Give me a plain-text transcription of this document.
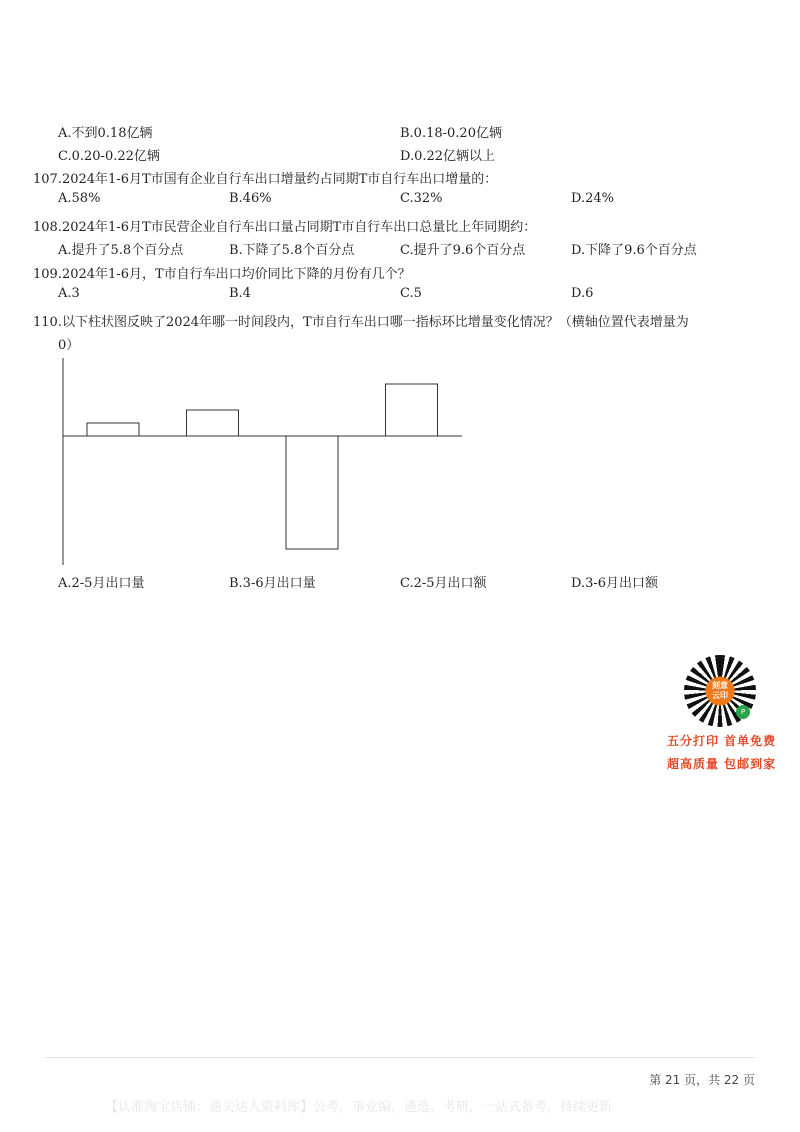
A.不到0.18亿辆	B.0.18-0.20亿辆
C.0.20-0.22亿辆	D.0.22亿辆以上
107.2024年1-6月T市国有企业自行车出口增量约占同期T市自行车出口增量的：
A.58%	B.46%	C.32%	D.24%
108.2024年1-6月T市民营企业自行车出口量占同期T市自行车出口总量比上年同期约：
A.提升了5.8个百分点	B.下降了5.8个百分点	C.提升了9.6个百分点	D.下降了9.6个百分点
109.2024年1-6月，T市自行车出口均价同比下降的月份有几个？
A.3	B.4	C.5	D.6
110.以下柱状图反映了2024年哪一时间段内，T市自行车出口哪一指标环比增量变化情况？（横轴位置代表增量为
0）
A.2-5月出口量	B.3-6月出口量	C.2-5月出口额	D.3-6月出口额
刻意
云印
P
五分打印 首单免费
超高质量 包邮到家
第 21 页，共 22 页
【认准淘宝店铺：通关达人资料库】公考，事业编，遴选，考研，一站式备考，持续更新
